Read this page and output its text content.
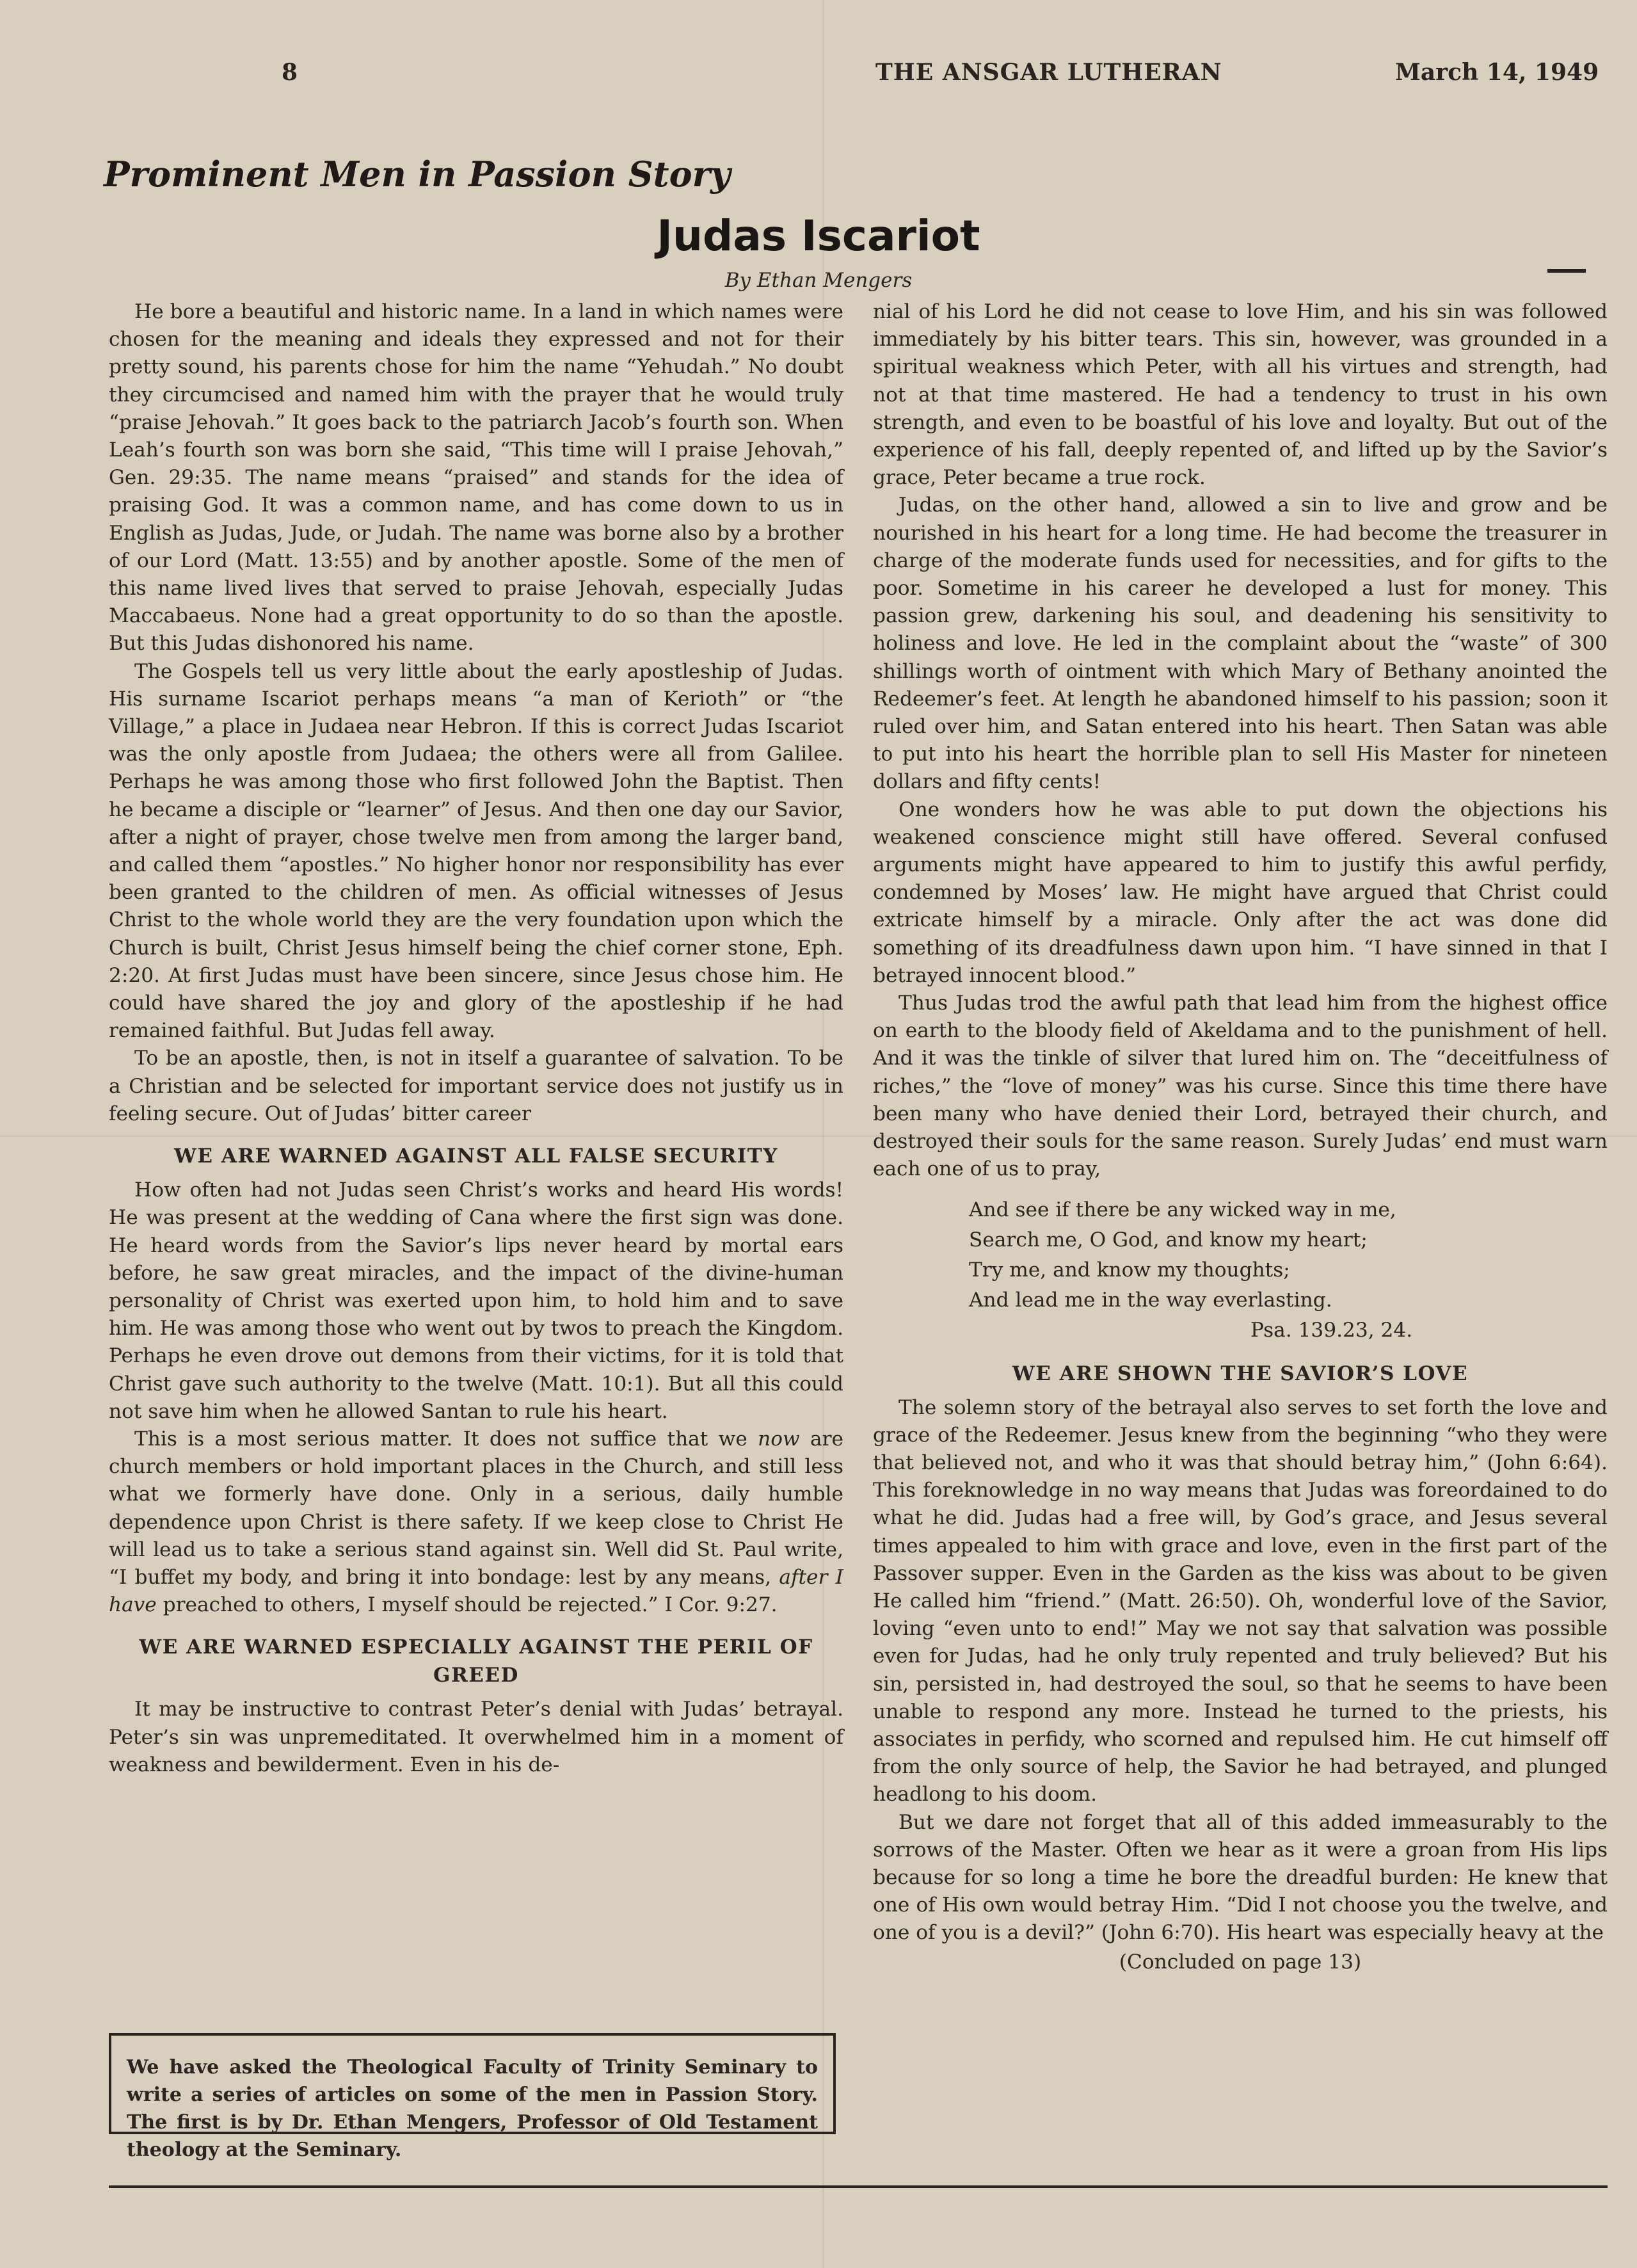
8	THE ANSGAR LUTHERAN	March 14, 1949
Prominent Men in Passion Story
Judas Iscariot
By Ethan Mengers

He bore a beautiful and historic name. In a land in which names were chosen for the meaning and ideals they expressed and not for their pretty sound, his parents chose for him the name “Yehudah.” No doubt they circumcised and named him with the prayer that he would truly “praise Jehovah.” It goes back to the patriarch Jacob’s fourth son. When Leah’s fourth son was born she said, “This time will I praise Jehovah,” Gen. 29:35. The name means “praised” and stands for the idea of praising God. It was a common name, and has come down to us in English as Judas, Jude, or Judah. The name was borne also by a brother of our Lord (Matt. 13:55) and by another apostle. Some of the men of this name lived lives that served to praise Jehovah, especially Judas Maccabaeus. None had a great opportunity to do so than the apostle. But this Judas dishonored his name.

The Gospels tell us very little about the early apostleship of Judas. His surname Iscariot perhaps means “a man of Kerioth” or “the Village,” a place in Judaea near Hebron. If this is correct Judas Iscariot was the only apostle from Judaea; the others were all from Galilee. Perhaps he was among those who first followed John the Baptist. Then he became a disciple or “learner” of Jesus. And then one day our Savior, after a night of prayer, chose twelve men from among the larger band, and called them “apostles.” No higher honor nor responsibility has ever been granted to the children of men. As official witnesses of Jesus Christ to the whole world they are the very foundation upon which the Church is built, Christ Jesus himself being the chief corner stone, Eph. 2:20. At first Judas must have been sincere, since Jesus chose him. He could have shared the joy and glory of the apostleship if he had remained faithful. But Judas fell away.

To be an apostle, then, is not in itself a guarantee of salvation. To be a Christian and be selected for important service does not justify us in feeling secure. Out of Judas’ bitter career

WE ARE WARNED AGAINST ALL FALSE SECURITY

How often had not Judas seen Christ’s works and heard His words! He was present at the wedding of Cana where the first sign was done. He heard words from the Savior’s lips never heard by mortal ears before, he saw great miracles, and the impact of the divine-human personality of Christ was exerted upon him, to hold him and to save him. He was among those who went out by twos to preach the Kingdom. Perhaps he even drove out demons from their victims, for it is told that Christ gave such authority to the twelve (Matt. 10:1). But all this could not save him when he allowed Santan to rule his heart.

This is a most serious matter. It does not suffice that we now are church members or hold important places in the Church, and still less what we formerly have done. Only in a serious, daily humble dependence upon Christ is there safety. If we keep close to Christ He will lead us to take a serious stand against sin. Well did St. Paul write, “I buffet my body, and bring it into bondage: lest by any means, after I have preached to others, I myself should be rejected.” I Cor. 9:27.

WE ARE WARNED ESPECIALLY AGAINST THE PERIL OF GREED

It may be instructive to contrast Peter’s denial with Judas’ betrayal. Peter’s sin was unpremeditated. It overwhelmed him in a moment of weakness and bewilderment. Even in his de-

nial of his Lord he did not cease to love Him, and his sin was followed immediately by his bitter tears. This sin, however, was grounded in a spiritual weakness which Peter, with all his virtues and strength, had not at that time mastered. He had a tendency to trust in his own strength, and even to be boastful of his love and loyalty. But out of the experience of his fall, deeply repented of, and lifted up by the Savior’s grace, Peter became a true rock.

Judas, on the other hand, allowed a sin to live and grow and be nourished in his heart for a long time. He had become the treasurer in charge of the moderate funds used for necessities, and for gifts to the poor. Sometime in his career he developed a lust for money. This passion grew, darkening his soul, and deadening his sensitivity to holiness and love. He led in the complaint about the “waste” of 300 shillings worth of ointment with which Mary of Bethany anointed the Redeemer’s feet. At length he abandoned himself to his passion; soon it ruled over him, and Satan entered into his heart. Then Satan was able to put into his heart the horrible plan to sell His Master for nineteen dollars and fifty cents!

One wonders how he was able to put down the objections his weakened conscience might still have offered. Several confused arguments might have appeared to him to justify this awful perfidy, condemned by Moses’ law. He might have argued that Christ could extricate himself by a miracle. Only after the act was done did something of its dreadfulness dawn upon him. “I have sinned in that I betrayed innocent blood.”

Thus Judas trod the awful path that lead him from the highest office on earth to the bloody field of Akeldama and to the punishment of hell. And it was the tinkle of silver that lured him on. The “deceitfulness of riches,” the “love of money” was his curse. Since this time there have been many who have denied their Lord, betrayed their church, and destroyed their souls for the same reason. Surely Judas’ end must warn each one of us to pray,

And see if there be any wicked way in me,
Search me, O God, and know my heart;
Try me, and know my thoughts;
And lead me in the way everlasting.
Psa. 139.23, 24.
WE ARE SHOWN THE SAVIOR’S LOVE

The solemn story of the betrayal also serves to set forth the love and grace of the Redeemer. Jesus knew from the beginning “who they were that believed not, and who it was that should betray him,” (John 6:64). This foreknowledge in no way means that Judas was foreordained to do what he did. Judas had a free will, by God’s grace, and Jesus several times appealed to him with grace and love, even in the first part of the Passover supper. Even in the Garden as the kiss was about to be given He called him “friend.” (Matt. 26:50). Oh, wonderful love of the Savior, loving “even unto to end!” May we not say that salvation was possible even for Judas, had he only truly repented and truly believed? But his sin, persisted in, had destroyed the soul, so that he seems to have been unable to respond any more. Instead he turned to the priests, his associates in perfidy, who scorned and repulsed him. He cut himself off from the only source of help, the Savior he had betrayed, and plunged headlong to his doom.

But we dare not forget that all of this added immeasurably to the sorrows of the Master. Often we hear as it were a groan from His lips because for so long a time he bore the dreadful burden: He knew that one of His own would betray Him. “Did I not choose you the twelve, and one of you is a devil?” (John 6:70). His heart was especially heavy at the

(Concluded on page 13)
We have asked the Theological Faculty of Trinity Seminary to write a series of articles on some of the men in Passion Story. The first is by Dr. Ethan Mengers, Professor of Old Testament theology at the Seminary.
